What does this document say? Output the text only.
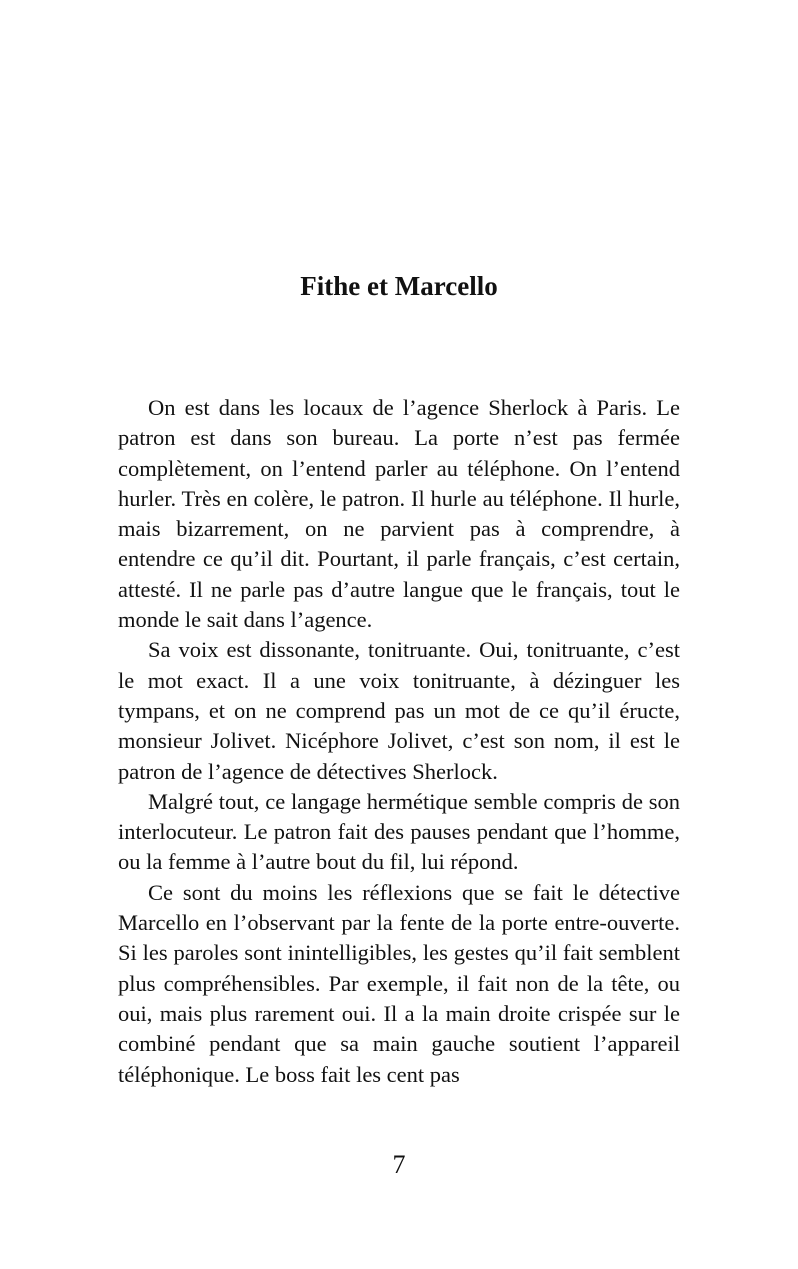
Fithe et Marcello

On est dans les locaux de l’agence Sherlock à Paris. Le patron est dans son bureau. La porte n’est pas fermée complètement, on l’entend parler au téléphone. On l’entend hurler. Très en colère, le patron. Il hurle au téléphone. Il hurle, mais bizarrement, on ne parvient pas à comprendre, à entendre ce qu’il dit. Pourtant, il parle français, c’est certain, attesté. Il ne parle pas d’autre langue que le français, tout le monde le sait dans l’agence.

Sa voix est dissonante, tonitruante. Oui, tonitruante, c’est le mot exact. Il a une voix tonitruante, à dézinguer les tympans, et on ne comprend pas un mot de ce qu’il éructe, monsieur Jolivet. Nicéphore Jolivet, c’est son nom, il est le patron de l’agence de détectives Sherlock.

Malgré tout, ce langage hermétique semble compris de son interlocuteur. Le patron fait des pauses pendant que l’homme, ou la femme à l’autre bout du fil, lui répond.

Ce sont du moins les réflexions que se fait le détective Marcello en l’observant par la fente de la porte entre-ouverte. Si les paroles sont inintelligibles, les gestes qu’il fait semblent plus compréhensibles. Par exemple, il fait non de la tête, ou oui, mais plus rarement oui. Il a la main droite crispée sur le combiné pendant que sa main gauche soutient l’appareil téléphonique. Le boss fait les cent pas

7
